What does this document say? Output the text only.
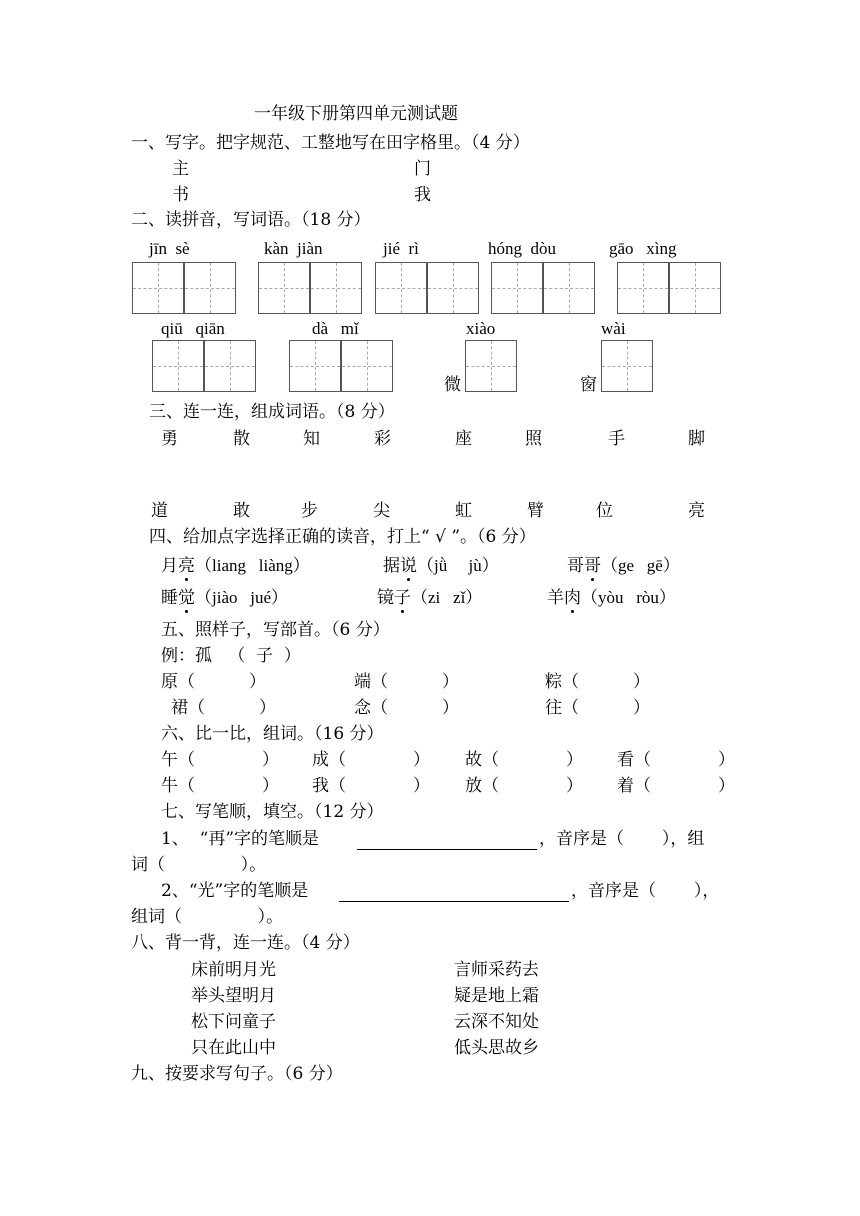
一年级下册第四单元测试题
一、写字。把字规范、工整地写在田字格里。（4 分）
主	门
书	我
二、读拼音，写词语。（18 分）
jīn  sè	kàn  jiàn	jié  rì	hóng  dòu	gāo   xìng
qiū   qiān	dà   mǐ	xiào	wài
微	窗
三、连一连，组成词语。（8 分）
勇	散	知	彩	座	照	手	脚
道	敢	步	尖	虹	臂	位	亮
四、给加点字选择正确的读音，打上“ √ ”。（6 分）
月亮（liang   liàng）	据说（jǜ     jù）	哥哥（ge   gē）
睡觉（jiào   jué）	镜子（zi   zǐ）	羊肉（yòu   ròu）
五、照样子，写部首。（6 分）
例：孤   （  子  ）
原（          ）	端（          ）	粽（          ）
裙（          ）	念（          ）	往（          ）
六、比一比，组词。（16 分）
午（	） 成（	） 故（	） 看（	）
牛（	） 我（	） 放（	） 着（	）
七、写笔顺，填空。（12 分）
1、  “再”字的笔顺是	，音序是（       ），组
词（              ）。
2、“光”字的笔顺是	，音序是（       ），
组词（              ）。
八、背一背，连一连。（4 分）
床前明月光
举头望明月
松下问童子
只在此山中
言师采药去
疑是地上霜
云深不知处
低头思故乡
九、按要求写句子。（6 分）
